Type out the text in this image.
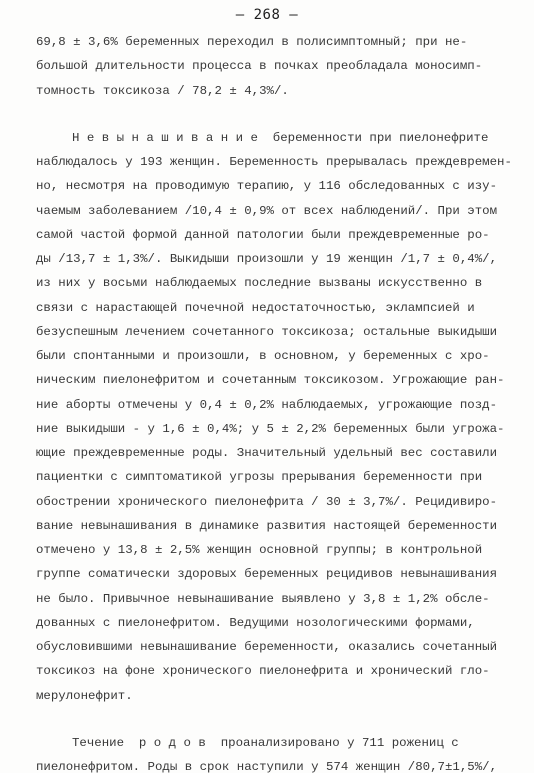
– 268 –
69,8 ± 3,6% беременных переходил в полисимптомный; при не-
большой длительности процесса в почках преобладала моносимп-
томность токсикоза / 78,2 ± 4,3%/.
Н е в ы н а ш и в а н и е  беременности при пиелонефрите
наблюдалось у 193 женщин. Беременность прерывалась преждевремен-
но, несмотря на проводимую терапию, у 116 обследованных с изу-
чаемым заболеванием /10,4 ± 0,9% от всех наблюдений/. При этом
самой частой формой данной патологии были преждевременные ро-
ды /13,7 ± 1,3%/. Выкидыши произошли у 19 женщин /1,7 ± 0,4%/,
из них у восьми наблюдаемых последние вызваны искусственно в
связи с нарастающей почечной недостаточностью, эклампсией и
безуспешным лечением сочетанного токсикоза; остальные выкидыши
были спонтанными и произошли, в основном, у беременных с хро-
ническим пиелонефритом и сочетанным токсикозом. Угрожающие ран-
ние аборты отмечены у 0,4 ± 0,2% наблюдаемых, угрожающие позд-
ние выкидыши - у 1,6 ± 0,4%; у 5 ± 2,2% беременных были угрожа-
ющие преждевременные роды. Значительный удельный вес составили
пациентки с симптоматикой угрозы прерывания беременности при
обострении хронического пиелонефрита / 30 ± 3,7%/. Рецидивиро-
вание невынашивания в динамике развития настоящей беременности
отмечено у 13,8 ± 2,5% женщин основной группы; в контрольной
группе соматически здоровых беременных рецидивов невынашивания
не было. Привычное невынашивание выявлено у 3,8 ± 1,2% обсле-
дованных с пиелонефритом. Ведущими нозологическими формами,
обусловившими невынашивание беременности, оказались сочетанный
токсикоз на фоне хронического пиелонефрита и хронический гло-
мерулонефрит.
Течение  р о д о в  проанализировано у 711 рожениц с
пиелонефритом. Роды в срок наступили у 574 женщин /80,7±1,5%/,
